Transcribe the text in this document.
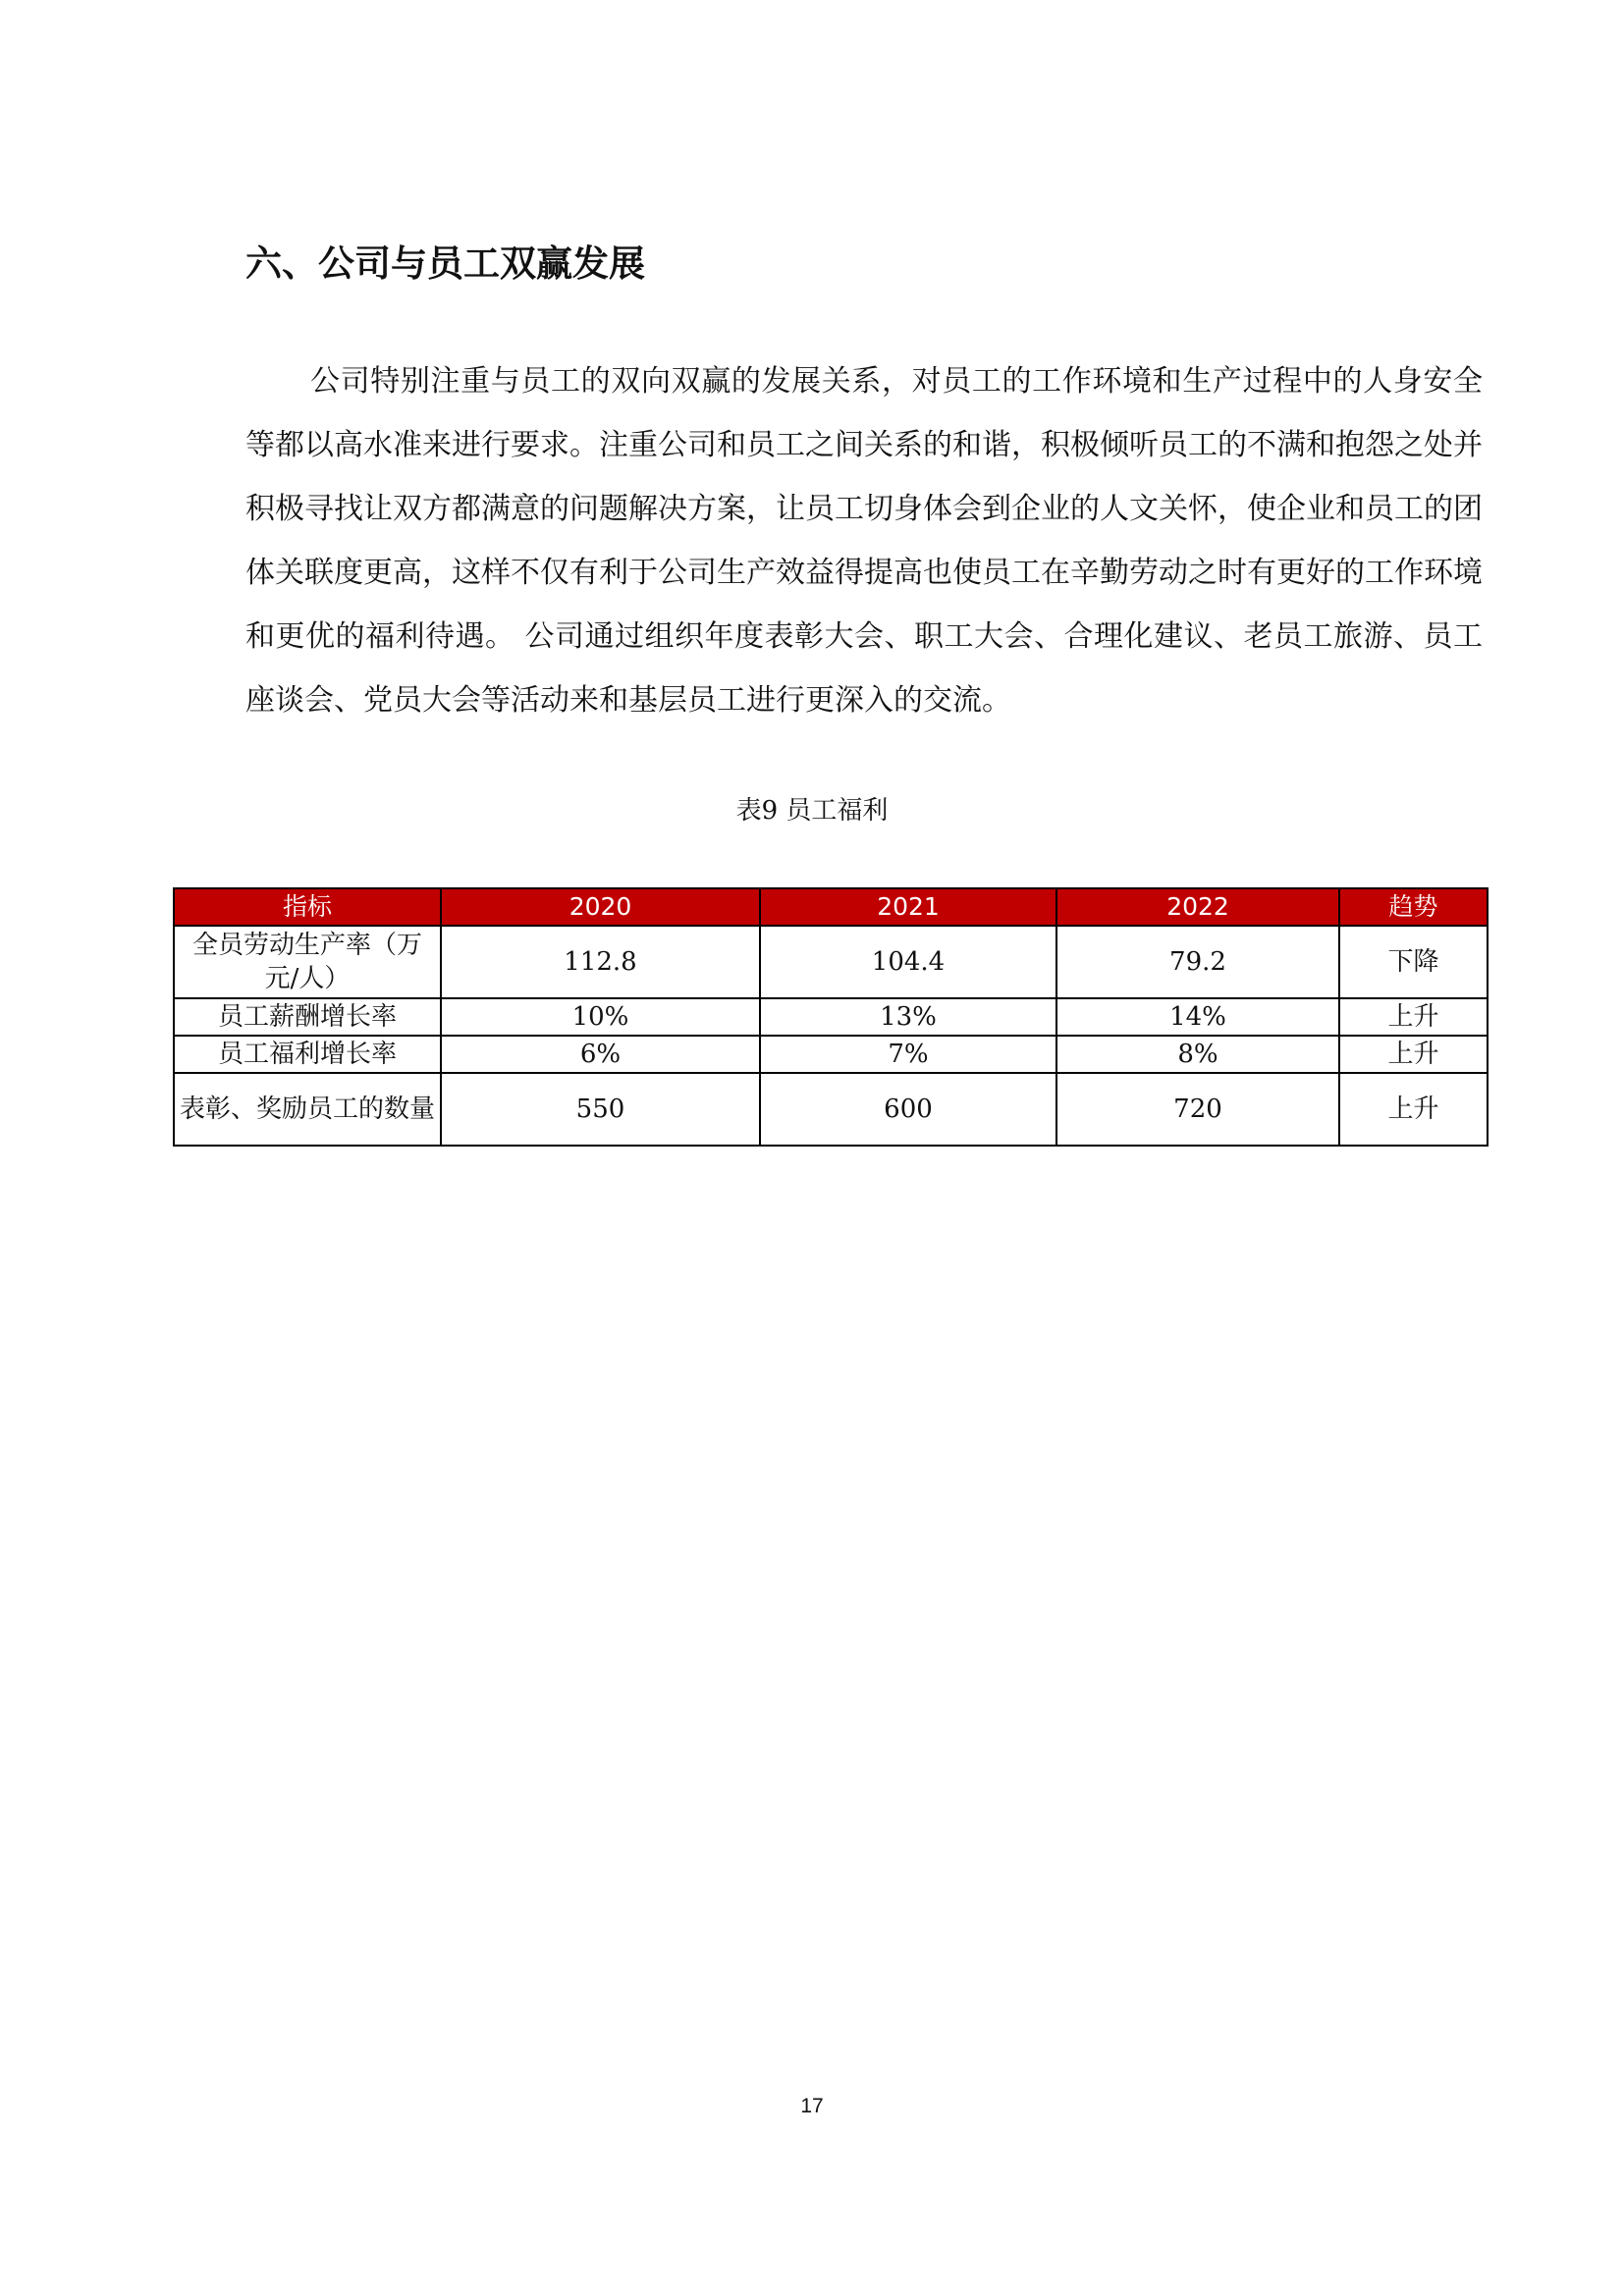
六、公司与员工双赢发展

公司特别注重与员工的双向双赢的发展关系，对员工的工作环境和生产过程中的人身安全等都以高水准来进行要求。注重公司和员工之间关系的和谐，积极倾听员工的不满和抱怨之处并积极寻找让双方都满意的问题解决方案，让员工切身体会到企业的人文关怀，使企业和员工的团体关联度更高，这样不仅有利于公司生产效益得提高也使员工在辛勤劳动之时有更好的工作环境和更优的福利待遇。 公司通过组织年度表彰大会、职工大会、合理化建议、老员工旅游、员工座谈会、党员大会等活动来和基层员工进行更深入的交流。

表9 员工福利
指标	2020	2021	2022	趋势
全员劳动生产率（万元/人）	112.8	104.4	79.2	下降
员工薪酬增长率	10%	13%	14%	上升
员工福利增长率	6%	7%	8%	上升
表彰、奖励员工的数量	550	600	720	上升
17
